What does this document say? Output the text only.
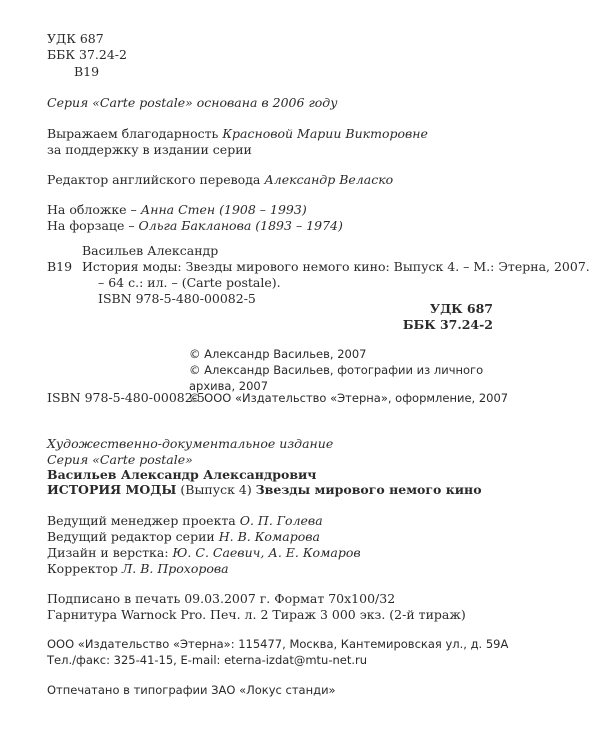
УДК 687
ББК 37.24-2
В19
Серия «Carte postale» основана в 2006 году
Выражаем благодарность Красновой Марии Викторовне
за поддержку в издании серии
Редактор английского перевода Александр Веласко
На обложке – Анна Стен (1908 – 1993)
На форзаце – Ольга Бакланова (1893 – 1974)
Васильев Александр
В19 История моды: Звезды мирового немого кино: Выпуск 4. – М.: Этерна, 2007.
– 64 с.: ил. – (Carte postale).
ISBN 978-5-480-00082-5
УДК 687
ББК 37.24-2
© Александр Васильев, 2007
© Александр Васильев, фотографии из личного
архива, 2007
ISBN 978-5-480-00082-5
© ООО «Издательство «Этерна», оформление, 2007
Художественно-документальное издание
Серия «Carte postale»
Васильев Александр Александрович
ИСТОРИЯ МОДЫ (Выпуск 4) Звезды мирового немого кино
Ведущий менеджер проекта О. П. Голева
Ведущий редактор серии Н. В. Комарова
Дизайн и верстка: Ю. С. Саевич, А. Е. Комаров
Корректор Л. В. Прохорова
Подписано в печать 09.03.2007 г. Формат 70x100/32
Гарнитура Warnock Pro. Печ. л. 2 Тираж 3 000 экз. (2-й тираж)
ООО «Издательство «Этерна»: 115477, Москва, Кантемировская ул., д. 59А
Тел./факс: 325-41-15, E-mail: eterna-izdat@mtu-net.ru
Отпечатано в типографии ЗАО «Локус станди»
